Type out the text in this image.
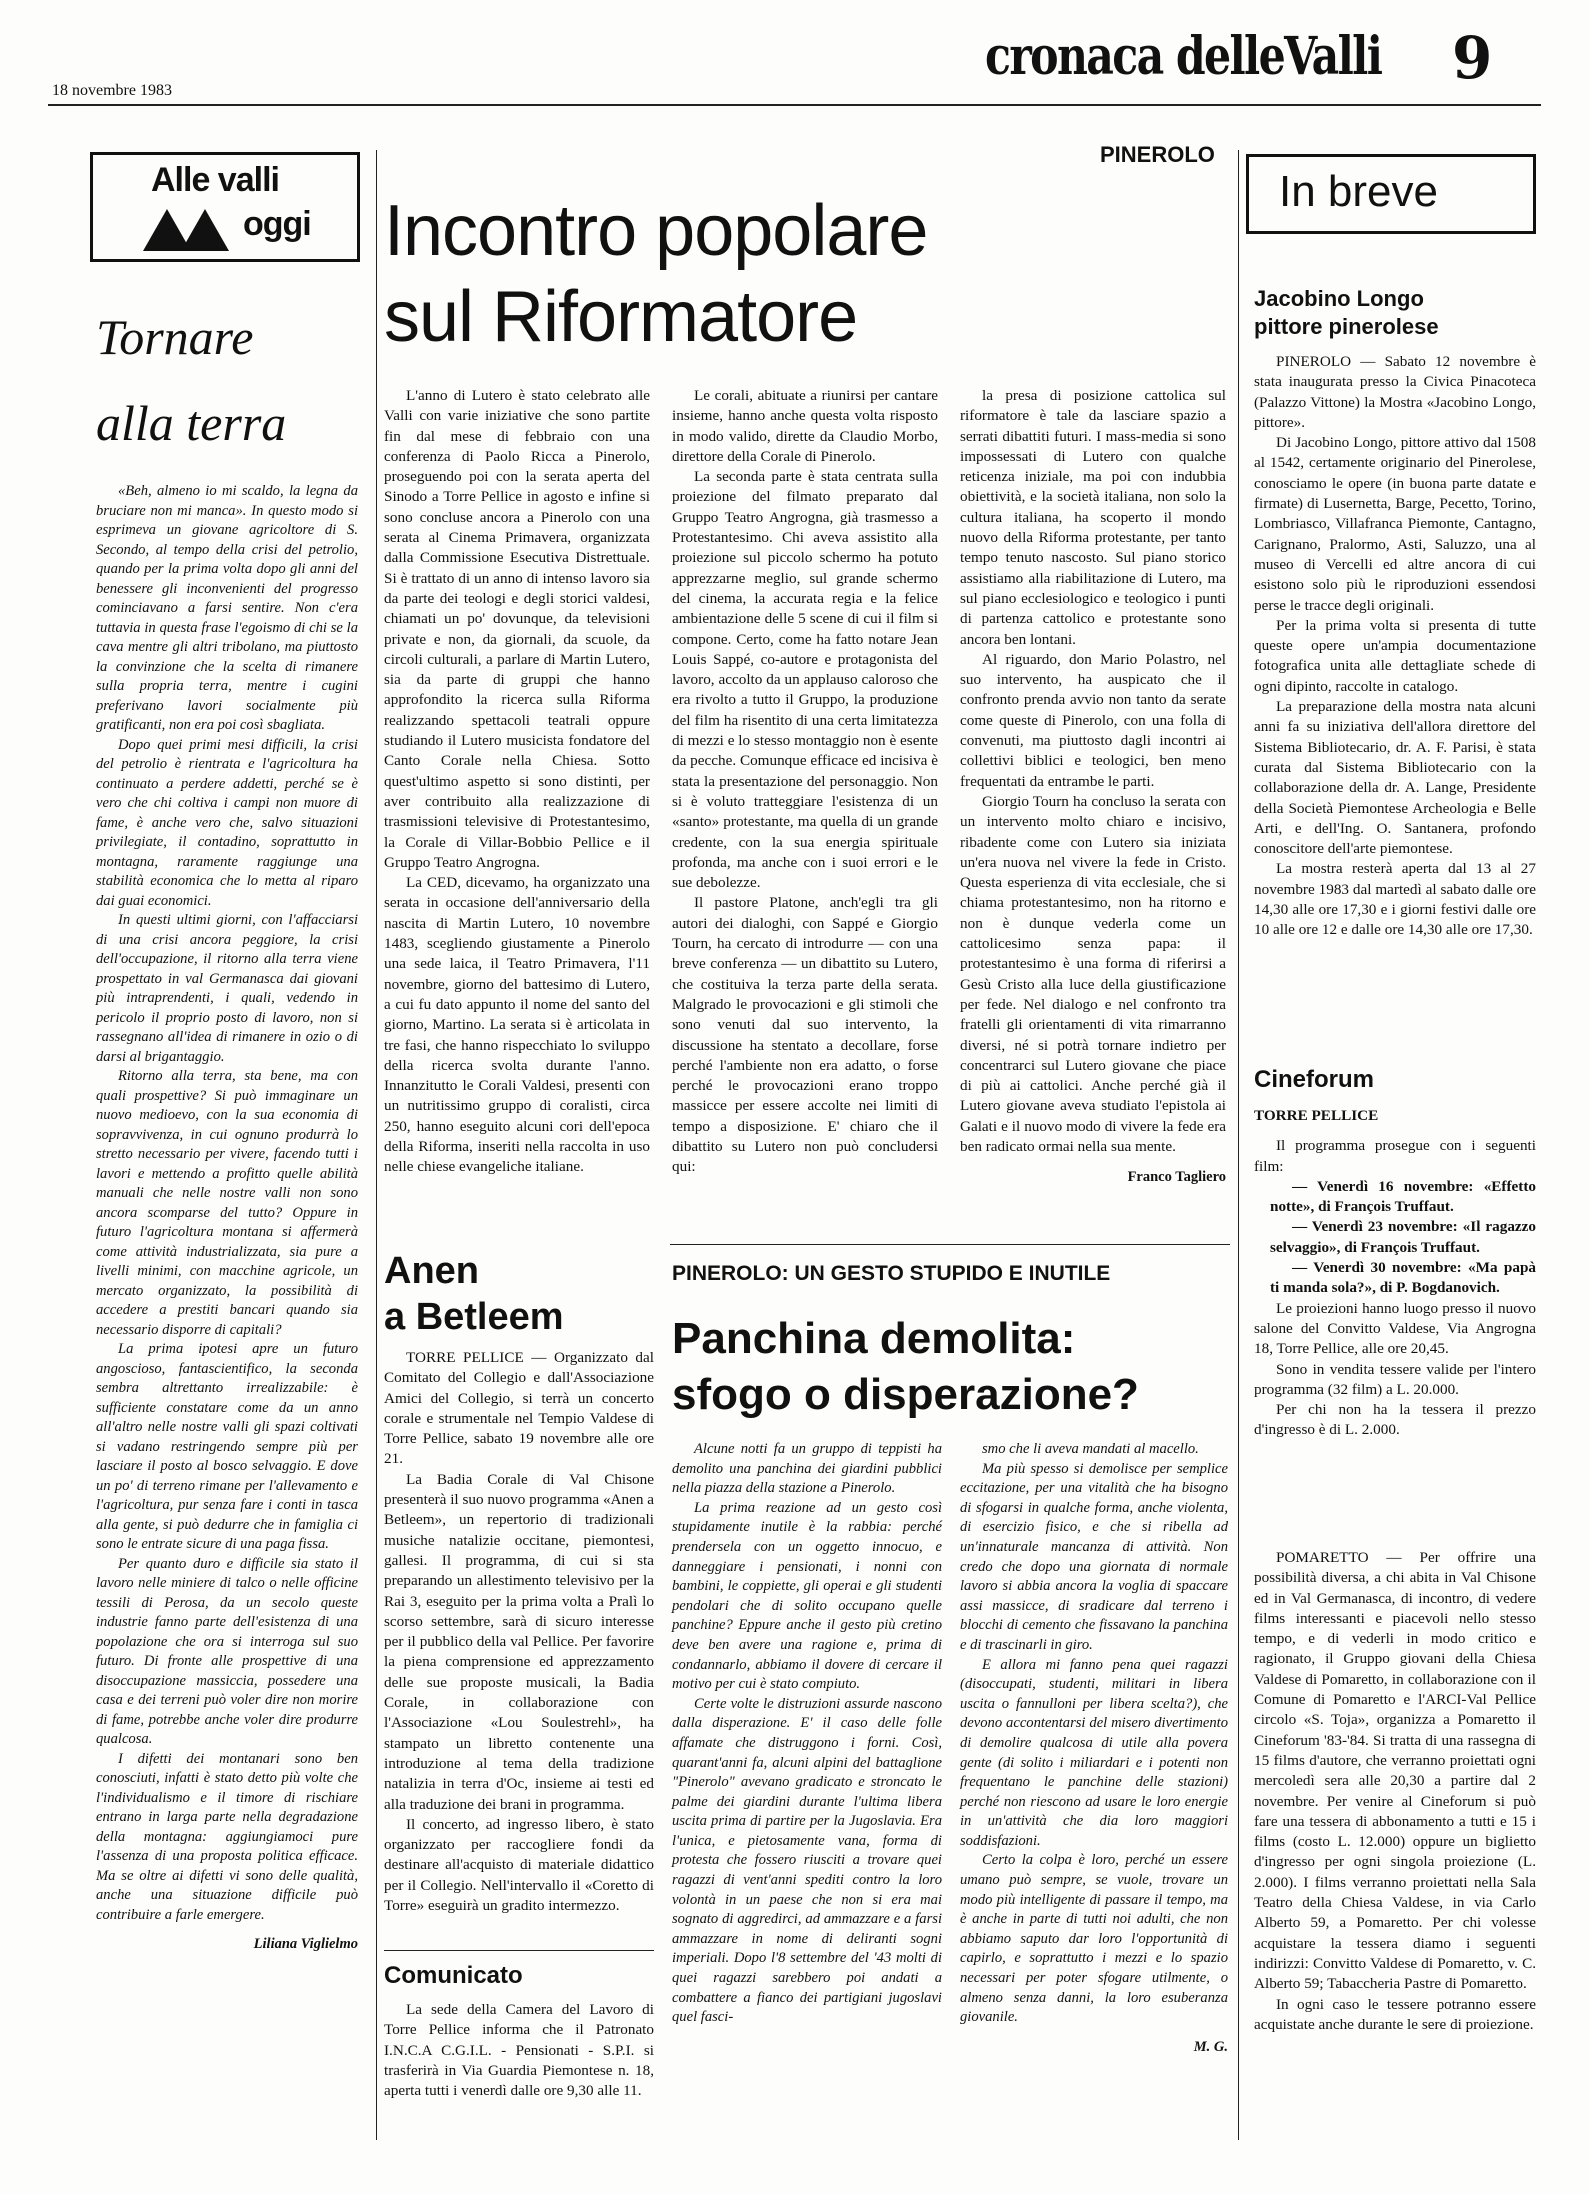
18 novembre 1983
cronaca delleValli 9
Alle valli
oggi
Tornare
alla terra

«Beh, almeno io mi scaldo, la legna da bruciare non mi manca». In questo modo si esprimeva un giovane agricoltore di S. Secondo, al tempo della crisi del petrolio, quando per la prima volta dopo gli anni del benessere gli inconvenienti del progresso cominciavano a farsi sentire. Non c'era tuttavia in questa frase l'egoismo di chi se la cava mentre gli altri tribolano, ma piuttosto la convinzione che la scelta di rimanere sulla propria terra, mentre i cugini preferivano lavori socialmente più gratificanti, non era poi così sbagliata.

Dopo quei primi mesi difficili, la crisi del petrolio è rientrata e l'agricoltura ha continuato a perdere addetti, perché se è vero che chi coltiva i campi non muore di fame, è anche vero che, salvo situazioni privilegiate, il contadino, soprattutto in montagna, raramente raggiunge una stabilità economica che lo metta al riparo dai guai economici.

In questi ultimi giorni, con l'affacciarsi di una crisi ancora peggiore, la crisi dell'occupazione, il ritorno alla terra viene prospettato in val Germanasca dai giovani più intraprendenti, i quali, vedendo in pericolo il proprio posto di lavoro, non si rassegnano all'idea di rimanere in ozio o di darsi al brigantaggio.

Ritorno alla terra, sta bene, ma con quali prospettive? Si può immaginare un nuovo medioevo, con la sua economia di sopravvivenza, in cui ognuno produrrà lo stretto necessario per vivere, facendo tutti i lavori e mettendo a profitto quelle abilità manuali che nelle nostre valli non sono ancora scomparse del tutto? Oppure in futuro l'agricoltura montana si affermerà come attività industrializzata, sia pure a livelli minimi, con macchine agricole, un mercato organizzato, la possibilità di accedere a prestiti bancari quando sia necessario disporre di capitali?

La prima ipotesi apre un futuro angoscioso, fantascientifico, la seconda sembra altrettanto irrealizzabile: è sufficiente constatare come da un anno all'altro nelle nostre valli gli spazi coltivati si vadano restringendo sempre più per lasciare il posto al bosco selvaggio. E dove un po' di terreno rimane per l'allevamento e l'agricoltura, pur senza fare i conti in tasca alla gente, si può dedurre che in famiglia ci sono le entrate sicure di una paga fissa.

Per quanto duro e difficile sia stato il lavoro nelle miniere di talco o nelle officine tessili di Perosa, da un secolo queste industrie fanno parte dell'esistenza di una popolazione che ora si interroga sul suo futuro. Di fronte alle prospettive di una disoccupazione massiccia, possedere una casa e dei terreni può voler dire non morire di fame, potrebbe anche voler dire produrre qualcosa.

I difetti dei montanari sono ben conosciuti, infatti è stato detto più volte che l'individualismo e il timore di rischiare entrano in larga parte nella degradazione della montagna: aggiungiamoci pure l'assenza di una proposta politica efficace. Ma se oltre ai difetti vi sono delle qualità, anche una situazione difficile può contribuire a farle emergere.

Liliana Viglielmo

PINEROLO
Incontro popolare
sul Riformatore

L'anno di Lutero è stato celebrato alle Valli con varie iniziative che sono partite fin dal mese di febbraio con una conferenza di Paolo Ricca a Pinerolo, proseguendo poi con la serata aperta del Sinodo a Torre Pellice in agosto e infine si sono concluse ancora a Pinerolo con una serata al Cinema Primavera, organizzata dalla Commissione Esecutiva Distrettuale. Si è trattato di un anno di intenso lavoro sia da parte dei teologi e degli storici valdesi, chiamati un po' dovunque, da televisioni private e non, da giornali, da scuole, da circoli culturali, a parlare di Martin Lutero, sia da parte di gruppi che hanno approfondito la ricerca sulla Riforma realizzando spettacoli teatrali oppure studiando il Lutero musicista fondatore del Canto Corale nella Chiesa. Sotto quest'ultimo aspetto si sono distinti, per aver contribuito alla realizzazione di trasmissioni televisive di Protestantesimo, la Corale di Villar-Bobbio Pellice e il Gruppo Teatro Angrogna.

La CED, dicevamo, ha organizzato una serata in occasione dell'anniversario della nascita di Martin Lutero, 10 novembre 1483, scegliendo giustamente a Pinerolo una sede laica, il Teatro Primavera, l'11 novembre, giorno del battesimo di Lutero, a cui fu dato appunto il nome del santo del giorno, Martino. La serata si è articolata in tre fasi, che hanno rispecchiato lo sviluppo della ricerca svolta durante l'anno. Innanzitutto le Corali Valdesi, presenti con un nutritissimo gruppo di coralisti, circa 250, hanno eseguito alcuni cori dell'epoca della Riforma, inseriti nella raccolta in uso nelle chiese evangeliche italiane.

Le corali, abituate a riunirsi per cantare insieme, hanno anche questa volta risposto in modo valido, dirette da Claudio Morbo, direttore della Corale di Pinerolo.

La seconda parte è stata centrata sulla proiezione del filmato preparato dal Gruppo Teatro Angrogna, già trasmesso a Protestantesimo. Chi aveva assistito alla proiezione sul piccolo schermo ha potuto apprezzarne meglio, sul grande schermo del cinema, la accurata regia e la felice ambientazione delle 5 scene di cui il film si compone. Certo, come ha fatto notare Jean Louis Sappé, co-autore e protagonista del lavoro, accolto da un applauso caloroso che era rivolto a tutto il Gruppo, la produzione del film ha risentito di una certa limitatezza di mezzi e lo stesso montaggio non è esente da pecche. Comunque efficace ed incisiva è stata la presentazione del personaggio. Non si è voluto tratteggiare l'esistenza di un «santo» protestante, ma quella di un grande credente, con la sua energia spirituale profonda, ma anche con i suoi errori e le sue debolezze.

Il pastore Platone, anch'egli tra gli autori dei dialoghi, con Sappé e Giorgio Tourn, ha cercato di introdurre — con una breve conferenza — un dibattito su Lutero, che costituiva la terza parte della serata. Malgrado le provocazioni e gli stimoli che sono venuti dal suo intervento, la discussione ha stentato a decollare, forse perché l'ambiente non era adatto, o forse perché le provocazioni erano troppo massicce per essere accolte nei limiti di tempo a disposizione. E' chiaro che il dibattito su Lutero non può concludersi qui:

la presa di posizione cattolica sul riformatore è tale da lasciare spazio a serrati dibattiti futuri. I mass-media si sono impossessati di Lutero con qualche reticenza iniziale, ma poi con indubbia obiettività, e la società italiana, non solo la cultura italiana, ha scoperto il mondo nuovo della Riforma protestante, per tanto tempo tenuto nascosto. Sul piano storico assistiamo alla riabilitazione di Lutero, ma sul piano ecclesiologico e teologico i punti di partenza cattolico e protestante sono ancora ben lontani.

Al riguardo, don Mario Polastro, nel suo intervento, ha auspicato che il confronto prenda avvio non tanto da serate come queste di Pinerolo, con una folla di convenuti, ma piuttosto dagli incontri ai collettivi biblici e teologici, ben meno frequentati da entrambe le parti.

Giorgio Tourn ha concluso la serata con un intervento molto chiaro e incisivo, ribadente come con Lutero sia iniziata un'era nuova nel vivere la fede in Cristo. Questa esperienza di vita ecclesiale, che si chiama protestantesimo, non ha ritorno e non è dunque vederla come un cattolicesimo senza papa: il protestantesimo è una forma di riferirsi a Gesù Cristo alla luce della giustificazione per fede. Nel dialogo e nel confronto tra fratelli gli orientamenti di vita rimarranno diversi, né si potrà tornare indietro per concentrarci sul Lutero giovane che piace di più ai cattolici. Anche perché già il Lutero giovane aveva studiato l'epistola ai Galati e il nuovo modo di vivere la fede era ben radicato ormai nella sua mente.

Franco Tagliero

Anen
a Betleem

TORRE PELLICE — Organizzato dal Comitato del Collegio e dall'Associazione Amici del Collegio, si terrà un concerto corale e strumentale nel Tempio Valdese di Torre Pellice, sabato 19 novembre alle ore 21.

La Badia Corale di Val Chisone presenterà il suo nuovo programma «Anen a Betleem», un repertorio di tradizionali musiche natalizie occitane, piemontesi, gallesi. Il programma, di cui si sta preparando un allestimento televisivo per la Rai 3, eseguito per la prima volta a Pralì lo scorso settembre, sarà di sicuro interesse per il pubblico della val Pellice. Per favorire la piena comprensione ed apprezzamento delle sue proposte musicali, la Badia Corale, in collaborazione con l'Associazione «Lou Soulestrehl», ha stampato un libretto contenente una introduzione al tema della tradizione natalizia in terra d'Oc, insieme ai testi ed alla traduzione dei brani in programma.

Il concerto, ad ingresso libero, è stato organizzato per raccogliere fondi da destinare all'acquisto di materiale didattico per il Collegio. Nell'intervallo il «Coretto di Torre» eseguirà un gradito intermezzo.

Comunicato

La sede della Camera del Lavoro di Torre Pellice informa che il Patronato I.N.C.A C.G.I.L. - Pensionati - S.P.I. si trasferirà in Via Guardia Piemontese n. 18, aperta tutti i venerdì dalle ore 9,30 alle 11.

PINEROLO: UN GESTO STUPIDO E INUTILE
Panchina demolita:
sfogo o disperazione?

Alcune notti fa un gruppo di teppisti ha demolito una panchina dei giardini pubblici nella piazza della stazione a Pinerolo.

La prima reazione ad un gesto così stupidamente inutile è la rabbia: perché prendersela con un oggetto innocuo, e danneggiare i pensionati, i nonni con bambini, le coppiette, gli operai e gli studenti pendolari che di solito occupano quelle panchine? Eppure anche il gesto più cretino deve ben avere una ragione e, prima di condannarlo, abbiamo il dovere di cercare il motivo per cui è stato compiuto.

Certe volte le distruzioni assurde nascono dalla disperazione. E' il caso delle folle affamate che distruggono i forni. Così, quarant'anni fa, alcuni alpini del battaglione "Pinerolo" avevano gradicato e stroncato le palme dei giardini durante l'ultima libera uscita prima di partire per la Jugoslavia. Era l'unica, e pietosamente vana, forma di protesta che fossero riusciti a trovare quei ragazzi di vent'anni spediti contro la loro volontà in un paese che non si era mai sognato di aggredirci, ad ammazzare e a farsi ammazzare in nome di deliranti sogni imperiali. Dopo l'8 settembre del '43 molti di quei ragazzi sarebbero poi andati a combattere a fianco dei partigiani jugoslavi quel fasci-

smo che li aveva mandati al macello.

Ma più spesso si demolisce per semplice eccitazione, per una vitalità che ha bisogno di sfogarsi in qualche forma, anche violenta, di esercizio fisico, e che si ribella ad un'innaturale mancanza di attività. Non credo che dopo una giornata di normale lavoro si abbia ancora la voglia di spaccare assi massicce, di sradicare dal terreno i blocchi di cemento che fissavano la panchina e di trascinarli in giro.

E allora mi fanno pena quei ragazzi (disoccupati, studenti, militari in libera uscita o fannulloni per libera scelta?), che devono accontentarsi del misero divertimento di demolire qualcosa di utile alla povera gente (di solito i miliardari e i potenti non frequentano le panchine delle stazioni) perché non riescono ad usare le loro energie in un'attività che dia loro maggiori soddisfazioni.

Certo la colpa è loro, perché un essere umano può sempre, se vuole, trovare un modo più intelligente di passare il tempo, ma è anche in parte di tutti noi adulti, che non abbiamo saputo dar loro l'opportunità di capirlo, e soprattutto i mezzi e lo spazio necessari per poter sfogare utilmente, o almeno senza danni, la loro esuberanza giovanile.

M. G.

In breve
Jacobino Longo
pittore pinerolese

PINEROLO — Sabato 12 novembre è stata inaugurata presso la Civica Pinacoteca (Palazzo Vittone) la Mostra «Jacobino Longo, pittore».

Di Jacobino Longo, pittore attivo dal 1508 al 1542, certamente originario del Pinerolese, conosciamo le opere (in buona parte datate e firmate) di Lusernetta, Barge, Pecetto, Torino, Lombriasco, Villafranca Piemonte, Cantagno, Carignano, Pralormo, Asti, Saluzzo, una al museo di Vercelli ed altre ancora di cui esistono solo più le riproduzioni essendosi perse le tracce degli originali.

Per la prima volta si presenta di tutte queste opere un'ampia documentazione fotografica unita alle dettagliate schede di ogni dipinto, raccolte in catalogo.

La preparazione della mostra nata alcuni anni fa su iniziativa dell'allora direttore del Sistema Bibliotecario, dr. A. F. Parisi, è stata curata dal Sistema Bibliotecario con la collaborazione della dr. A. Lange, Presidente della Società Piemontese Archeologia e Belle Arti, e dell'Ing. O. Santanera, profondo conoscitore dell'arte piemontese.

La mostra resterà aperta dal 13 al 27 novembre 1983 dal martedì al sabato dalle ore 14,30 alle ore 17,30 e i giorni festivi dalle ore 10 alle ore 12 e dalle ore 14,30 alle ore 17,30.

Cineforum

TORRE PELLICE

Il programma prosegue con i seguenti film:

— Venerdì 16 novembre: «Effetto notte», di François Truffaut.

— Venerdì 23 novembre: «Il ragazzo selvaggio», di François Truffaut.

— Venerdì 30 novembre: «Ma papà ti manda sola?», di P. Bogdanovich.

Le proiezioni hanno luogo presso il nuovo salone del Convitto Valdese, Via Angrogna 18, Torre Pellice, alle ore 20,45.

Sono in vendita tessere valide per l'intero programma (32 film) a L. 20.000.

Per chi non ha la tessera il prezzo d'ingresso è di L. 2.000.

POMARETTO — Per offrire una possibilità diversa, a chi abita in Val Chisone ed in Val Germanasca, di incontro, di vedere films interessanti e piacevoli nello stesso tempo, e di vederli in modo critico e ragionato, il Gruppo giovani della Chiesa Valdese di Pomaretto, in collaborazione con il Comune di Pomaretto e l'ARCI-Val Pellice circolo «S. Toja», organizza a Pomaretto il Cineforum '83-'84. Si tratta di una rassegna di 15 films d'autore, che verranno proiettati ogni mercoledì sera alle 20,30 a partire dal 2 novembre. Per venire al Cineforum si può fare una tessera di abbonamento a tutti e 15 i films (costo L. 12.000) oppure un biglietto d'ingresso per ogni singola proiezione (L. 2.000). I films verranno proiettati nella Sala Teatro della Chiesa Valdese, in via Carlo Alberto 59, a Pomaretto. Per chi volesse acquistare la tessera diamo i seguenti indirizzi: Convitto Valdese di Pomaretto, v. C. Alberto 59; Tabaccheria Pastre di Pomaretto.

In ogni caso le tessere potranno essere acquistate anche durante le sere di proiezione.
